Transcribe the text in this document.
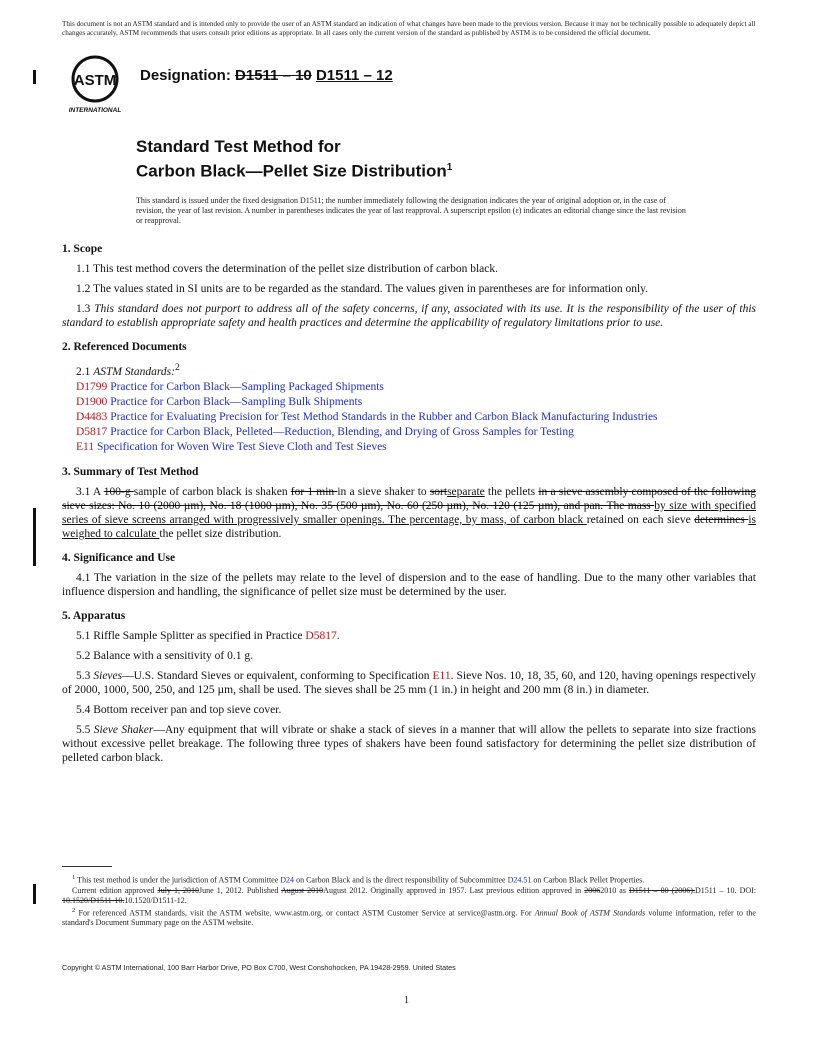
This document is not an ASTM standard and is intended only to provide the user of an ASTM standard an indication of what changes have been made to the previous version. Because it may not be technically possible to adequately depict all changes accurately, ASTM recommends that users consult prior editions as appropriate. In all cases only the current version of the standard as published by ASTM is to be considered the official document.
ASTM
INTERNATIONAL
Designation: D1511 – 10 D1511 – 12
Standard Test Method for
Carbon Black—Pellet Size Distribution$^1$
This standard is issued under the fixed designation D1511; the number immediately following the designation indicates the year of original adoption or, in the case of revision, the year of last revision. A number in parentheses indicates the year of last reapproval. A superscript epsilon (ε) indicates an editorial change since the last revision or reapproval.
1. Scope

1.1 This test method covers the determination of the pellet size distribution of carbon black.

1.2 The values stated in SI units are to be regarded as the standard. The values given in parentheses are for information only.

1.3 This standard does not purport to address all of the safety concerns, if any, associated with its use. It is the responsibility of the user of this standard to establish appropriate safety and health practices and determine the applicability of regulatory limitations prior to use.

2. Referenced Documents

2.1 ASTM Standards:$^2$

D1799 Practice for Carbon Black—Sampling Packaged Shipments

D1900 Practice for Carbon Black—Sampling Bulk Shipments

D4483 Practice for Evaluating Precision for Test Method Standards in the Rubber and Carbon Black Manufacturing Industries

D5817 Practice for Carbon Black, Pelleted—Reduction, Blending, and Drying of Gross Samples for Testing

E11 Specification for Woven Wire Test Sieve Cloth and Test Sieves

3. Summary of Test Method

3.1 A 100-g sample of carbon black is shaken for 1 min in a sieve shaker to sortseparate the pellets in a sieve assembly composed of the following sieve sizes: No. 10 (2000 µm), No. 18 (1000 µm), No. 35 (500 µm), No. 60 (250 µm), No. 120 (125 µm), and pan. The mass by size with specified series of sieve screens arranged with progressively smaller openings. The percentage, by mass, of carbon black retained on each sieve determines is weighed to calculate the pellet size distribution.

4. Significance and Use

4.1 The variation in the size of the pellets may relate to the level of dispersion and to the ease of handling. Due to the many other variables that influence dispersion and handling, the significance of pellet size must be determined by the user.

5. Apparatus

5.1 Riffle Sample Splitter as specified in Practice D5817.

5.2 Balance with a sensitivity of 0.1 g.

5.3 Sieves—U.S. Standard Sieves or equivalent, conforming to Specification E11. Sieve Nos. 10, 18, 35, 60, and 120, having openings respectively of 2000, 1000, 500, 250, and 125 µm, shall be used. The sieves shall be 25 mm (1 in.) in height and 200 mm (8 in.) in diameter.

5.4 Bottom receiver pan and top sieve cover.

5.5 Sieve Shaker—Any equipment that will vibrate or shake a stack of sieves in a manner that will allow the pellets to separate into size fractions without excessive pellet breakage. The following three types of shakers have been found satisfactory for determining the pellet size distribution of pelleted carbon black.

$^1$ This test method is under the jurisdiction of ASTM Committee D24 on Carbon Black and is the direct responsibility of Subcommittee D24.51 on Carbon Black Pellet Properties.

Current edition approved July 1, 2010June 1, 2012. Published August 2010August 2012. Originally approved in 1957. Last previous edition approved in 20062010 as D1511 – 00 (2006).D1511 – 10. DOI: 10.1520/D1511-10.10.1520/D1511-12.

$^2$ For referenced ASTM standards, visit the ASTM website, www.astm.org, or contact ASTM Customer Service at service@astm.org. For Annual Book of ASTM Standards volume information, refer to the standard's Document Summary page on the ASTM website.

Copyright © ASTM International, 100 Barr Harbor Drive, PO Box C700, West Conshohocken, PA 19428-2959. United States
1
